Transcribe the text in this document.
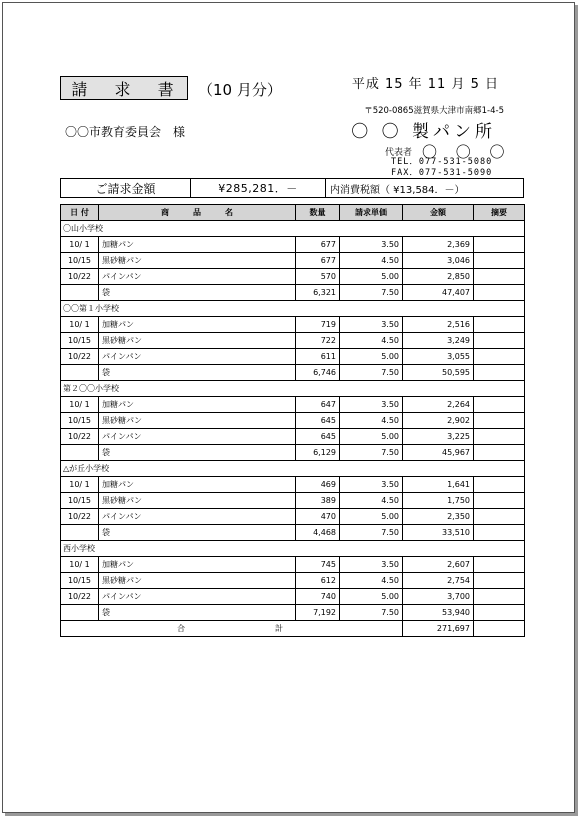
請 求 書 （10 月分）	平成 15 年 11 月 5 日
〒520-0865滋賀県大津市南郷1-4-5
〇 〇 製パン所
代表者 〇 〇 〇
TEL．077-531-5080
FAX．077-531-5090
〇〇市教育委員会 様
ご請求金額	¥285,281．－	内消費税額（ ¥13,584．－）
日 付	商　　　品　　　名	数量	請求単価	金額	摘要
〇山小学校					
10/ 1	加糖パン	677	3.50	2,369	
10/15	黒砂糖パン	677	4.50	3,046	
10/22	パインパン	570	5.00	2,850	
	袋	6,321	7.50	47,407	
〇〇第１小学校					
10/ 1	加糖パン	719	3.50	2,516	
10/15	黒砂糖パン	722	4.50	3,249	
10/22	パインパン	611	5.00	3,055	
	袋	6,746	7.50	50,595	
第２〇〇小学校					
10/ 1	加糖パン	647	3.50	2,264	
10/15	黒砂糖パン	645	4.50	2,902	
10/22	パインパン	645	5.00	3,225	
	袋	6,129	7.50	45,967	
△が丘小学校					
10/ 1	加糖パン	469	3.50	1,641	
10/15	黒砂糖パン	389	4.50	1,750	
10/22	パインパン	470	5.00	2,350	
	袋	4,468	7.50	33,510	
西小学校					
10/ 1	加糖パン	745	3.50	2,607	
10/15	黒砂糖パン	612	4.50	2,754	
10/22	パインパン	740	5.00	3,700	
	袋	7,192	7.50	53,940	
合計				271,697	
